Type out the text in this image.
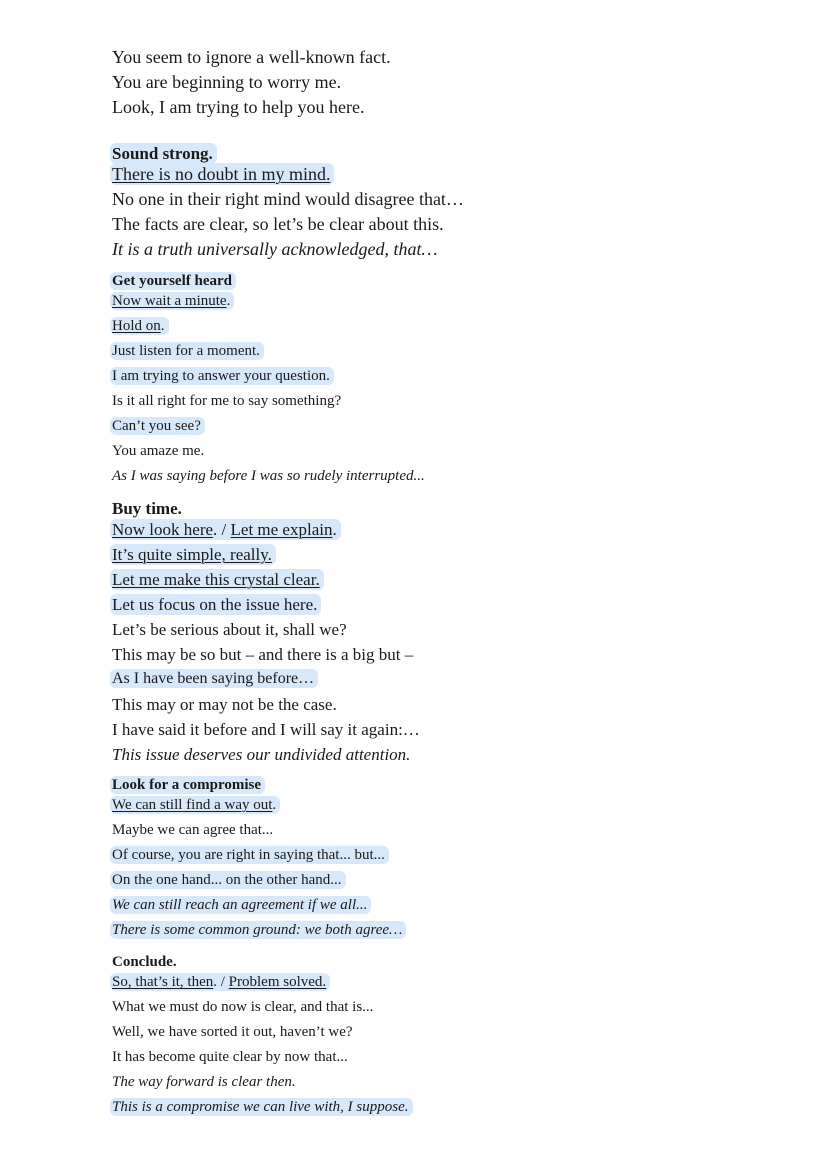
You seem to ignore a well-known fact.
You are beginning to worry me.
Look, I am trying to help you here.
Sound strong.
There is no doubt in my mind.
No one in their right mind would disagree that…
The facts are clear, so let’s be clear about this.
It is a truth universally acknowledged, that…
Get yourself heard
Now wait a minute.
Hold on.
Just listen for a moment.
I am trying to answer your question.
Is it all right for me to say something?
Can’t you see?
You amaze me.
As I was saying before I was so rudely interrupted...
Buy time.
Now look here. / Let me explain.
It’s quite simple, really.
Let me make this crystal clear.
Let us focus on the issue here.
Let’s be serious about it, shall we?
This may be so but – and there is a big but –
As I have been saying before…
This may or may not be the case.
I have said it before and I will say it again:…
This issue deserves our undivided attention.
Look for a compromise
We can still find a way out.
Maybe we can agree that...
Of course, you are right in saying that... but...
On the one hand... on the other hand...
We can still reach an agreement if we all...
There is some common ground: we both agree…
Conclude.
So, that’s it, then. / Problem solved.
What we must do now is clear, and that is...
Well, we have sorted it out, haven’t we?
It has become quite clear by now that...
The way forward is clear then.
This is a compromise we can live with, I suppose.
